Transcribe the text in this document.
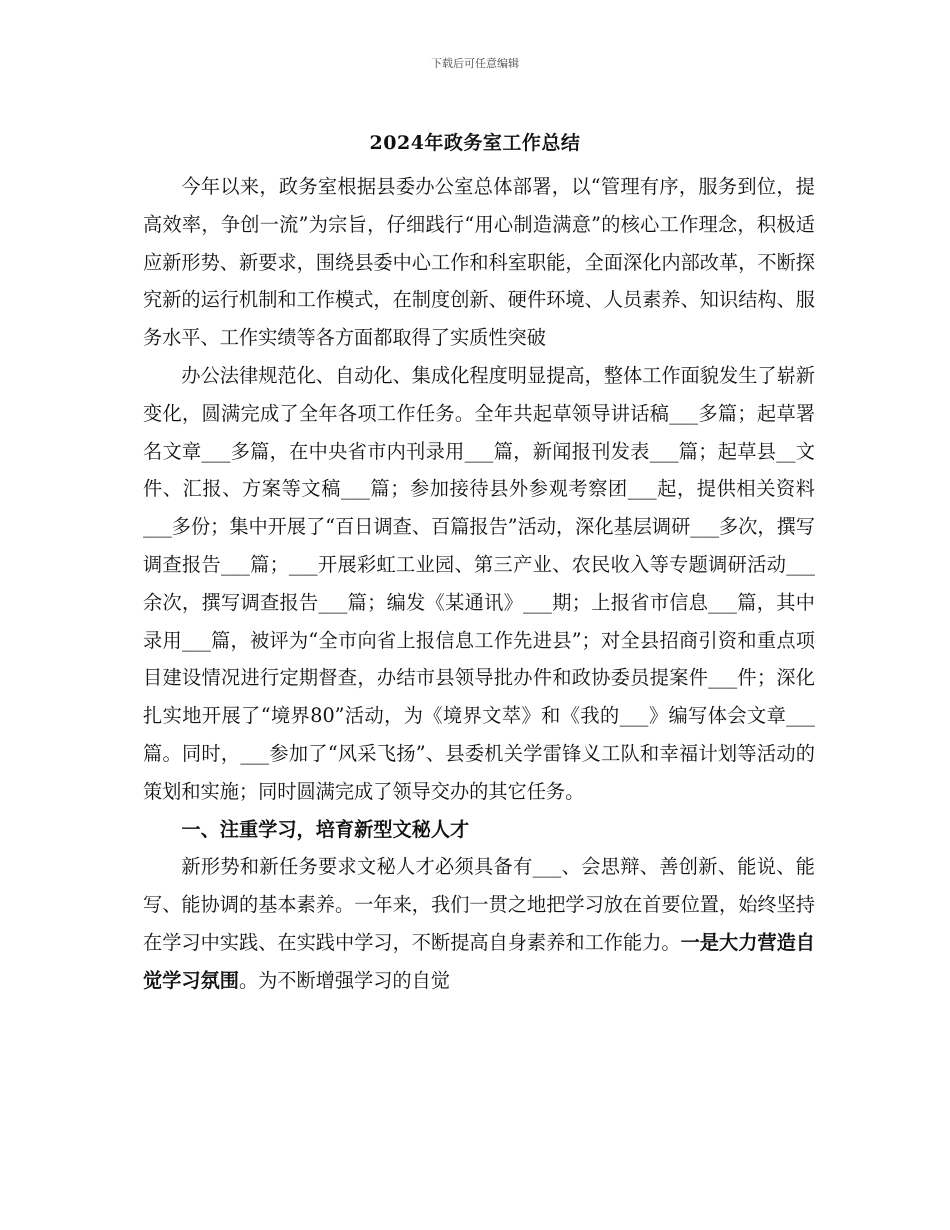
下载后可任意编辑
2024年政务室工作总结

今年以来，政务室根据县委办公室总体部署，以“管理有序，服务到位，提高效率，争创一流”为宗旨，仔细践行“用心制造满意”的核心工作理念，积极适应新形势、新要求，围绕县委中心工作和科室职能，全面深化内部改革，不断探究新的运行机制和工作模式，在制度创新、硬件环境、人员素养、知识结构、服务水平、工作实绩等各方面都取得了实质性突破

办公法律规范化、自动化、集成化程度明显提高，整体工作面貌发生了崭新变化，圆满完成了全年各项工作任务。全年共起草领导讲话稿___多篇；起草署名文章___多篇，在中央省市内刊录用___篇，新闻报刊发表___篇；起草县__文件、汇报、方案等文稿___篇；参加接待县外参观考察团___起，提供相关资料___多份；集中开展了“百日调查、百篇报告”活动，深化基层调研___多次，撰写调查报告___篇；___开展彩虹工业园、第三产业、农民收入等专题调研活动___余次，撰写调查报告___篇；编发《某通讯》___期；上报省市信息___篇，其中录用___篇，被评为“全市向省上报信息工作先进县”；对全县招商引资和重点项目建设情况进行定期督查，办结市县领导批办件和政协委员提案件___件；深化扎实地开展了“境界80”活动，为《境界文萃》和《我的___》编写体会文章___篇。同时，___参加了“风采飞扬”、县委机关学雷锋义工队和幸福计划等活动的策划和实施；同时圆满完成了领导交办的其它任务。

一、注重学习，培育新型文秘人才

新形势和新任务要求文秘人才必须具备有___、会思辩、善创新、能说、能写、能协调的基本素养。一年来，我们一贯之地把学习放在首要位置，始终坚持在学习中实践、在实践中学习，不断提高自身素养和工作能力。一是大力营造自觉学习氛围。为不断增强学习的自觉
